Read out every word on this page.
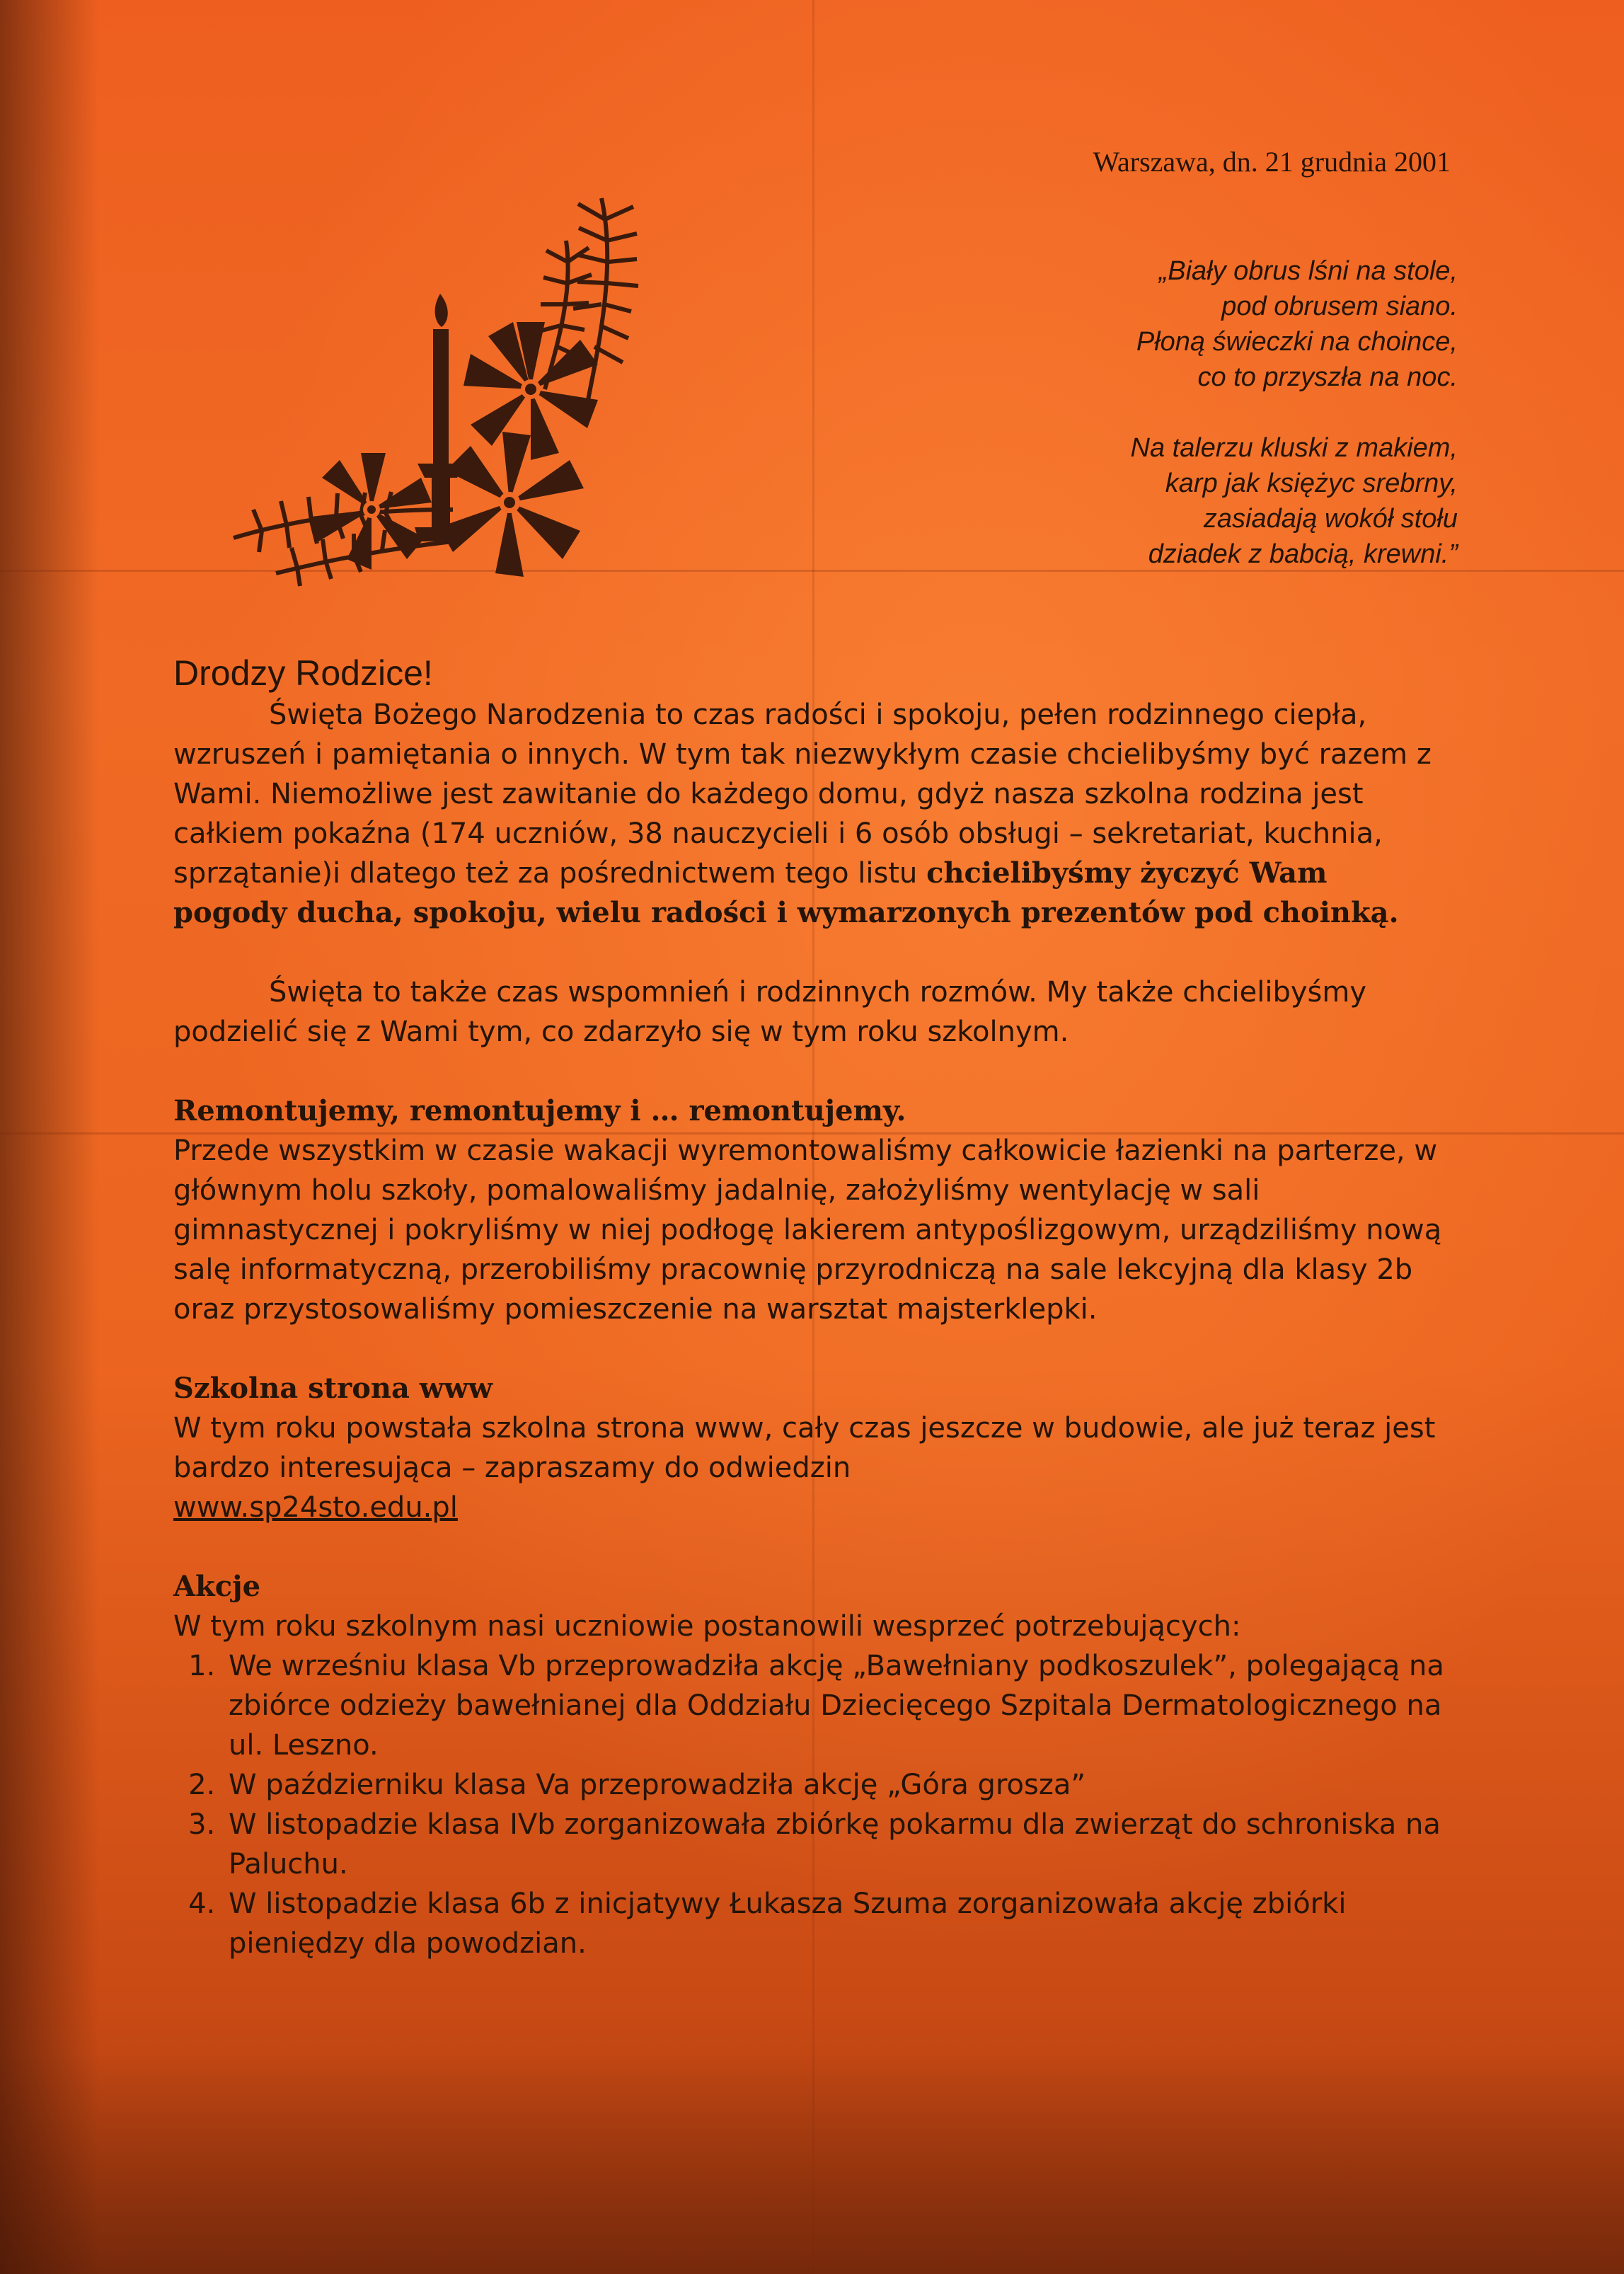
Warszawa, dn. 21 grudnia 2001
„Biały obrus lśni na stole,
pod obrusem siano.
Płoną świeczki na choince,
co to przyszła na noc.
Na talerzu kluski z makiem,
karp jak księżyc srebrny,
zasiadają wokół stołu
dziadek z babcią, krewni.”
Drodzy Rodzice!

Święta Bożego Narodzenia to czas radości i spokoju, pełen rodzinnego ciepła, wzruszeń i pamiętania o innych. W tym tak niezwykłym czasie chcielibyśmy być razem z Wami. Niemożliwe jest zawitanie do każdego domu, gdyż nasza szkolna rodzina jest całkiem pokaźna (174 uczniów, 38 nauczycieli i 6 osób obsługi – sekretariat, kuchnia, sprzątanie)i dlatego też za pośrednictwem tego listu chcielibyśmy życzyć Wam pogody ducha, spokoju, wielu radości i wymarzonych prezentów pod choinką.

Święta to także czas wspomnień i rodzinnych rozmów. My także chcielibyśmy podzielić się z Wami tym, co zdarzyło się w tym roku szkolnym.

Remontujemy, remontujemy i … remontujemy.

Przede wszystkim w czasie wakacji wyremontowaliśmy całkowicie łazienki na parterze, w głównym holu szkoły, pomalowaliśmy jadalnię, założyliśmy wentylację w sali gimnastycznej i pokryliśmy w niej podłogę lakierem antypoślizgowym, urządziliśmy nową salę informatyczną, przerobiliśmy pracownię przyrodniczą na sale lekcyjną dla klasy 2b oraz przystosowaliśmy pomieszczenie na warsztat majsterklepki.

Szkolna strona www

W tym roku powstała szkolna strona www, cały czas jeszcze w budowie, ale już teraz jest bardzo interesująca – zapraszamy do odwiedzin

www.sp24sto.edu.pl

Akcje

W tym roku szkolnym nasi uczniowie postanowili wesprzeć potrzebujących:

1. We wrześniu klasa Vb przeprowadziła akcję „Bawełniany podkoszulek”, polegającą na zbiórce odzieży bawełnianej dla Oddziału Dziecięcego Szpitala Dermatologicznego na ul. Leszno.
2. W październiku klasa Va przeprowadziła akcję „Góra grosza”
3. W listopadzie klasa IVb zorganizowała zbiórkę pokarmu dla zwierząt do schroniska na Paluchu.
4. W listopadzie klasa 6b z inicjatywy Łukasza Szuma zorganizowała akcję zbiórki pieniędzy dla powodzian.
